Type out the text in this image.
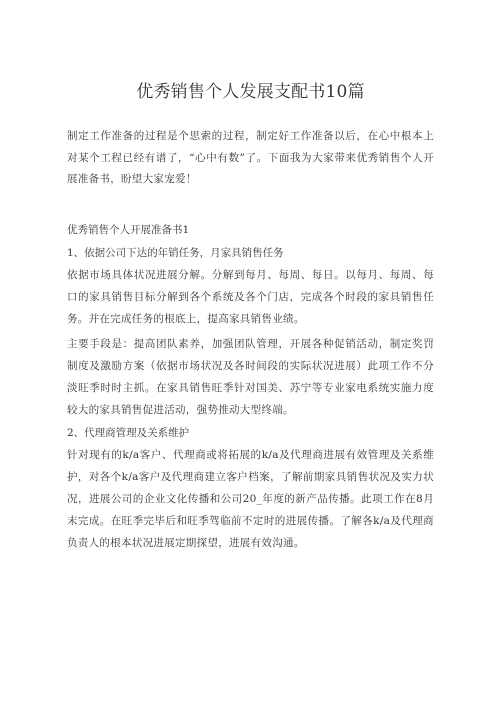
优秀销售个人发展支配书10篇

制定工作准备的过程是个思索的过程，制定好工作准备以后，在心中根本上对某个工程已经有谱了，“心中有数”了。下面我为大家带来优秀销售个人开展准备书，盼望大家宠爱！

优秀销售个人开展准备书1

1、依据公司下达的年销任务，月家具销售任务

依据市场具体状况进展分解。分解到每月、每周、每日。以每月、每周、每口的家具销售目标分解到各个系统及各个门店，完成各个时段的家具销售任务。并在完成任务的根底上，提高家具销售业绩。

主要手段是：提高团队素养，加强团队管理，开展各种促销活动，制定奖罚制度及激励方案（依据市场状况及各时间段的实际状况进展）此项工作不分淡旺季时时主抓。在家具销售旺季针对国美、苏宁等专业家电系统实施力度较大的家具销售促进活动，强势推动大型终端。

2、代理商管理及关系维护

针对现有的k/a客户、代理商或将拓展的k/a及代理商进展有效管理及关系维护，对各个k/a客户及代理商建立客户档案，了解前期家具销售状况及实力状况，进展公司的企业文化传播和公司20_年度的新产品传播。此项工作在8月末完成。在旺季完毕后和旺季驾临前不定时的进展传播。了解各k/a及代理商负责人的根本状况进展定期探望，进展有效沟通。
